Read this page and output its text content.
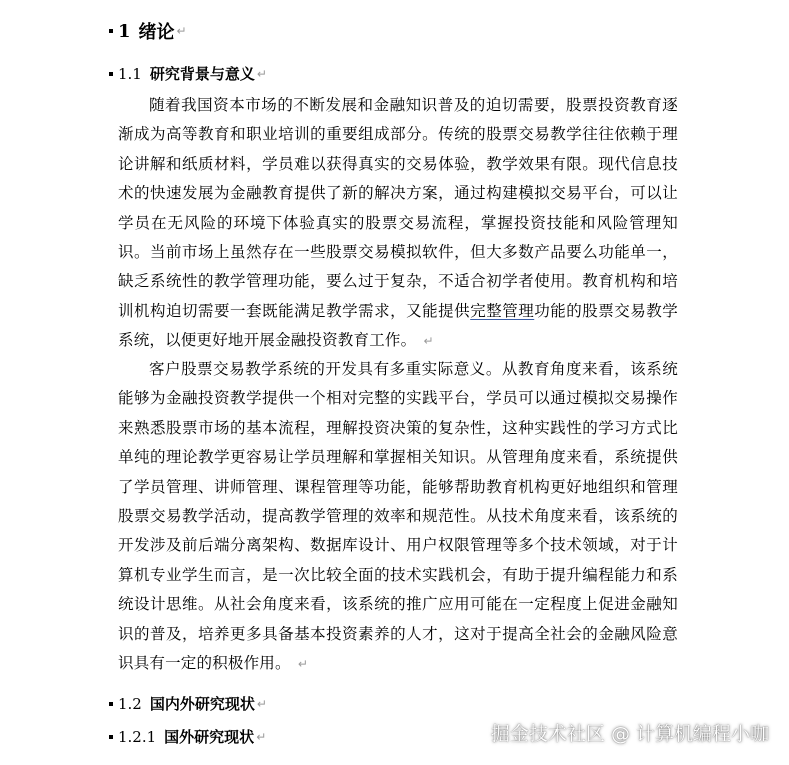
1 绪论 ↵
1.1 研究背景与意义 ↵
随着我国资本市场的不断发展和金融知识普及的迫切需要，股票投资教育逐渐成为高等教育和职业培训的重要组成部分。传统的股票交易教学往往依赖于理论讲解和纸质材料，学员难以获得真实的交易体验，教学效果有限。现代信息技术的快速发展为金融教育提供了新的解决方案，通过构建模拟交易平台，可以让学员在无风险的环境下体验真实的股票交易流程，掌握投资技能和风险管理知识。当前市场上虽然存在一些股票交易模拟软件，但大多数产品要么功能单一，缺乏系统性的教学管理功能，要么过于复杂，不适合初学者使用。教育机构和培训机构迫切需要一套既能满足教学需求，又能提供完整管理功能的股票交易教学系统，以便更好地开展金融投资教育工作。 ↵
客户股票交易教学系统的开发具有多重实际意义。从教育角度来看，该系统能够为金融投资教学提供一个相对完整的实践平台，学员可以通过模拟交易操作来熟悉股票市场的基本流程，理解投资决策的复杂性，这种实践性的学习方式比单纯的理论教学更容易让学员理解和掌握相关知识。从管理角度来看，系统提供了学员管理、讲师管理、课程管理等功能，能够帮助教育机构更好地组织和管理股票交易教学活动，提高教学管理的效率和规范性。从技术角度来看，该系统的开发涉及前后端分离架构、数据库设计、用户权限管理等多个技术领域，对于计算机专业学生而言，是一次比较全面的技术实践机会，有助于提升编程能力和系统设计思维。从社会角度来看，该系统的推广应用可能在一定程度上促进金融知识的普及，培养更多具备基本投资素养的人才，这对于提高全社会的金融风险意识具有一定的积极作用。 ↵
1.2 国内外研究现状 ↵
1.2.1 国外研究现状 ↵	掘金技术社区 @ 计算机编程小咖
